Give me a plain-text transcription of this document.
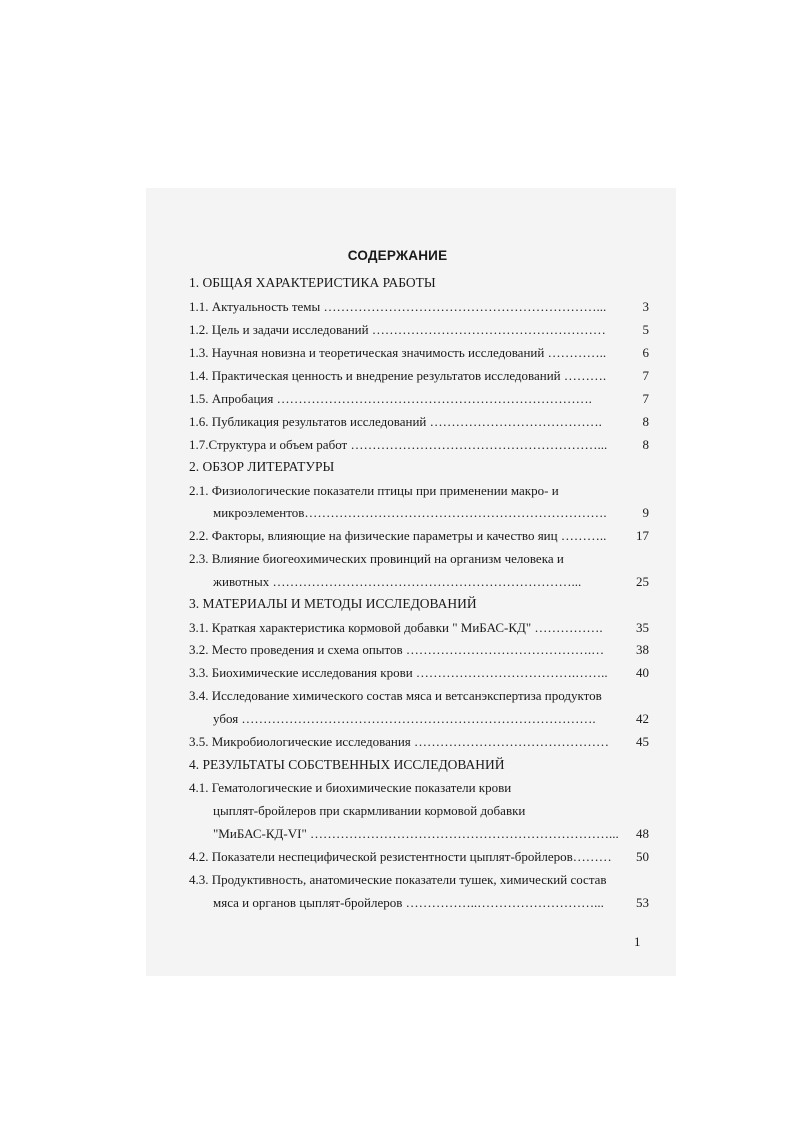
СОДЕРЖАНИЕ
1. ОБЩАЯ ХАРАКТЕРИСТИКА РАБОТЫ
1.1. Актуальность темы ………………………………………………………...	3
1.2. Цель и задачи исследований ………………………………………………	5
1.3. Научная новизна и теоретическая значимость исследований …………..	6
1.4. Практическая ценность и внедрение результатов исследований ……….	7
1.5. Апробация ……………………………………………………………….	7
1.6. Публикация результатов исследований ………………………………….	8
1.7.Структура и объем работ …………………………………………………...	8
2. ОБЗОР ЛИТЕРАТУРЫ
2.1. Физиологические показатели птицы при применении макро- и
микроэлементов…………………………………………………………….	9
2.2. Факторы, влияющие на физические параметры и качество яиц ……….. 17
2.3. Влияние биогеохимических провинций на организм человека и
животных ……………………………………………………………...	25
3. МАТЕРИАЛЫ И МЕТОДЫ ИССЛЕДОВАНИЙ
3.1. Краткая характеристика кормовой добавки " МиБАС-КД" …………….	35
3.2. Место проведения и схема опытов …………………………………….… 38
3.3. Биохимические исследования крови ……………………………….…….. 40
3.4. Исследование химического состав мяса и ветсанэкспертиза продуктов
убоя ……………………………………………………………………….	42
3.5. Микробиологические исследования ……………………………………… 45
4. РЕЗУЛЬТАТЫ СОБСТВЕННЫХ ИССЛЕДОВАНИЙ
4.1. Гематологические и биохимические показатели крови
цыплят-бройлеров при скармливании кормовой добавки
"МиБАС-КД-VI" ……………………………………………………………... 48
4.2. Показатели неспецифической резистентности цыплят-бройлеров……… 50
4.3. Продуктивность, анатомические показатели тушек, химический состав
мяса и органов цыплят-бройлеров ……………..………………………... 53
1
